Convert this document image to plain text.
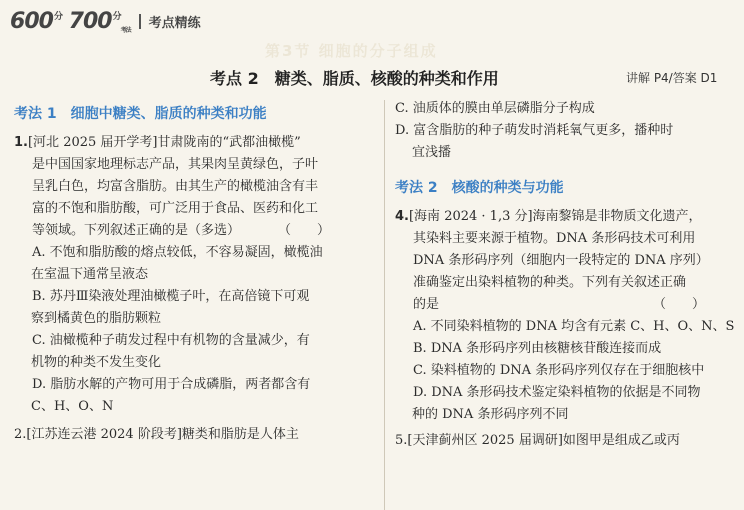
$600^分$ $700^分$考法 考点精练
第3节 细胞的分子组成
考点 2　糖类、脂质、核酸的种类和作用	讲解 P4/答案 D1
考法 1　细胞中糖类、脂质的种类和功能
1.[河北 2025 届开学考]甘肃陇南的“武都油橄榄”
是中国国家地理标志产品，其果肉呈黄绿色，子叶
呈乳白色，均富含脂肪。由其生产的橄榄油含有丰
富的不饱和脂肪酸，可广泛用于食品、医药和化工
等领域。下列叙述正确的是（多选）	（　　）
A. 不饱和脂肪酸的熔点较低，不容易凝固，橄榄油
在室温下通常呈液态
B. 苏丹Ⅲ染液处理油橄榄子叶，在高倍镜下可观
察到橘黄色的脂肪颗粒
C. 油橄榄种子萌发过程中有机物的含量减少，有
机物的种类不发生变化
D. 脂肪水解的产物可用于合成磷脂，两者都含有
C、H、O、N
2.[江苏连云港 2024 阶段考]糖类和脂肪是人体主
C. 油质体的膜由单层磷脂分子构成
D. 富含脂肪的种子萌发时消耗氧气更多，播种时
宜浅播
考法 2　核酸的种类与功能
4.[海南 2024 · 1,3 分]海南黎锦是非物质文化遗产，
其染料主要来源于植物。DNA 条形码技术可利用
DNA 条形码序列（细胞内一段特定的 DNA 序列）
准确鉴定出染料植物的种类。下列有关叙述正确
的是	（　　）
A. 不同染料植物的 DNA 均含有元素 C、H、O、N、S
B. DNA 条形码序列由核糖核苷酸连接而成
C. 染料植物的 DNA 条形码序列仅存在于细胞核中
D. DNA 条形码技术鉴定染料植物的依据是不同物
种的 DNA 条形码序列不同
5.[天津蓟州区 2025 届调研]如图甲是组成乙或丙
